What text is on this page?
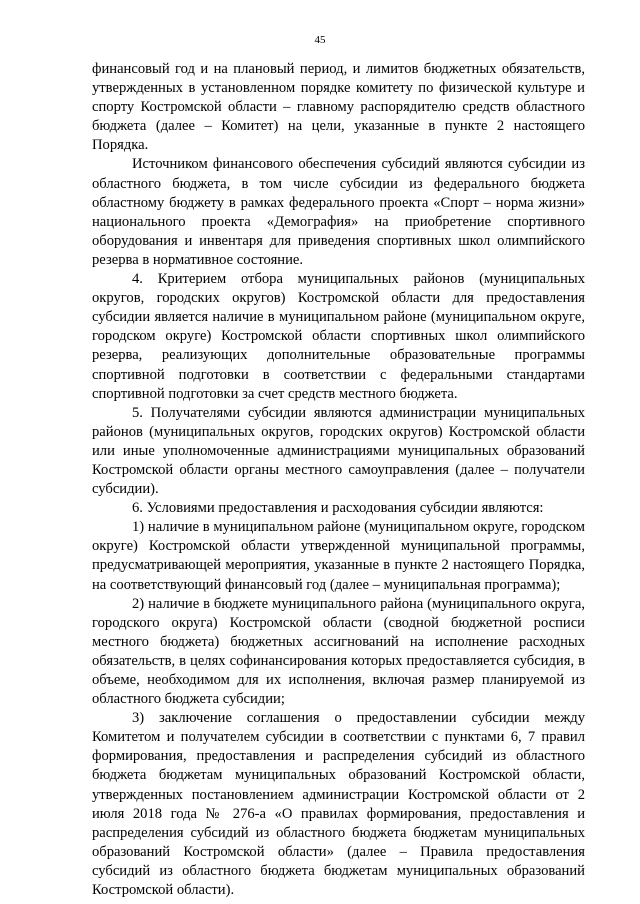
45

финансовый год и на плановый период, и лимитов бюджетных обязательств, утвержденных в установленном порядке комитету по физической культуре и спорту Костромской области – главному распорядителю средств областного бюджета (далее – Комитет) на цели, указанные в пункте 2 настоящего Порядка.

Источником финансового обеспечения субсидий являются субсидии из областного бюджета, в том числе субсидии из федерального бюджета областному бюджету в рамках федерального проекта «Спорт – норма жизни» национального проекта «Демография» на приобретение спортивного оборудования и инвентаря для приведения спортивных школ олимпийского резерва в нормативное состояние.

4. Критерием отбора муниципальных районов (муниципальных округов, городских округов) Костромской области для предоставления субсидии является наличие в муниципальном районе (муниципальном округе, городском округе) Костромской области спортивных школ олимпийского резерва, реализующих дополнительные образовательные программы спортивной подготовки в соответствии с федеральными стандартами спортивной подготовки за счет средств местного бюджета.

5. Получателями субсидии являются администрации муниципальных районов (муниципальных округов, городских округов) Костромской области или иные уполномоченные администрациями муниципальных образований Костромской области органы местного самоуправления (далее – получатели субсидии).

6. Условиями предоставления и расходования субсидии являются:

1) наличие в муниципальном районе (муниципальном округе, городском округе) Костромской области утвержденной муниципальной программы, предусматривающей мероприятия, указанные в пункте 2 настоящего Порядка, на соответствующий финансовый год (далее – муниципальная программа);

2) наличие в бюджете муниципального района (муниципального округа, городского округа) Костромской области (сводной бюджетной росписи местного бюджета) бюджетных ассигнований на исполнение расходных обязательств, в целях софинансирования которых предоставляется субсидия, в объеме, необходимом для их исполнения, включая размер планируемой из областного бюджета субсидии;

3) заключение соглашения о предоставлении субсидии между Комитетом и получателем субсидии в соответствии с пунктами 6, 7 правил формирования, предоставления и распределения субсидий из областного бюджета бюджетам муниципальных образований Костромской области, утвержденных постановлением администрации Костромской области от 2 июля 2018 года № 276-а «О правилах формирования, предоставления и распределения субсидий из областного бюджета бюджетам муниципальных образований Костромской области» (далее – Правила предоставления субсидий из областного бюджета бюджетам муниципальных образований Костромской области).
